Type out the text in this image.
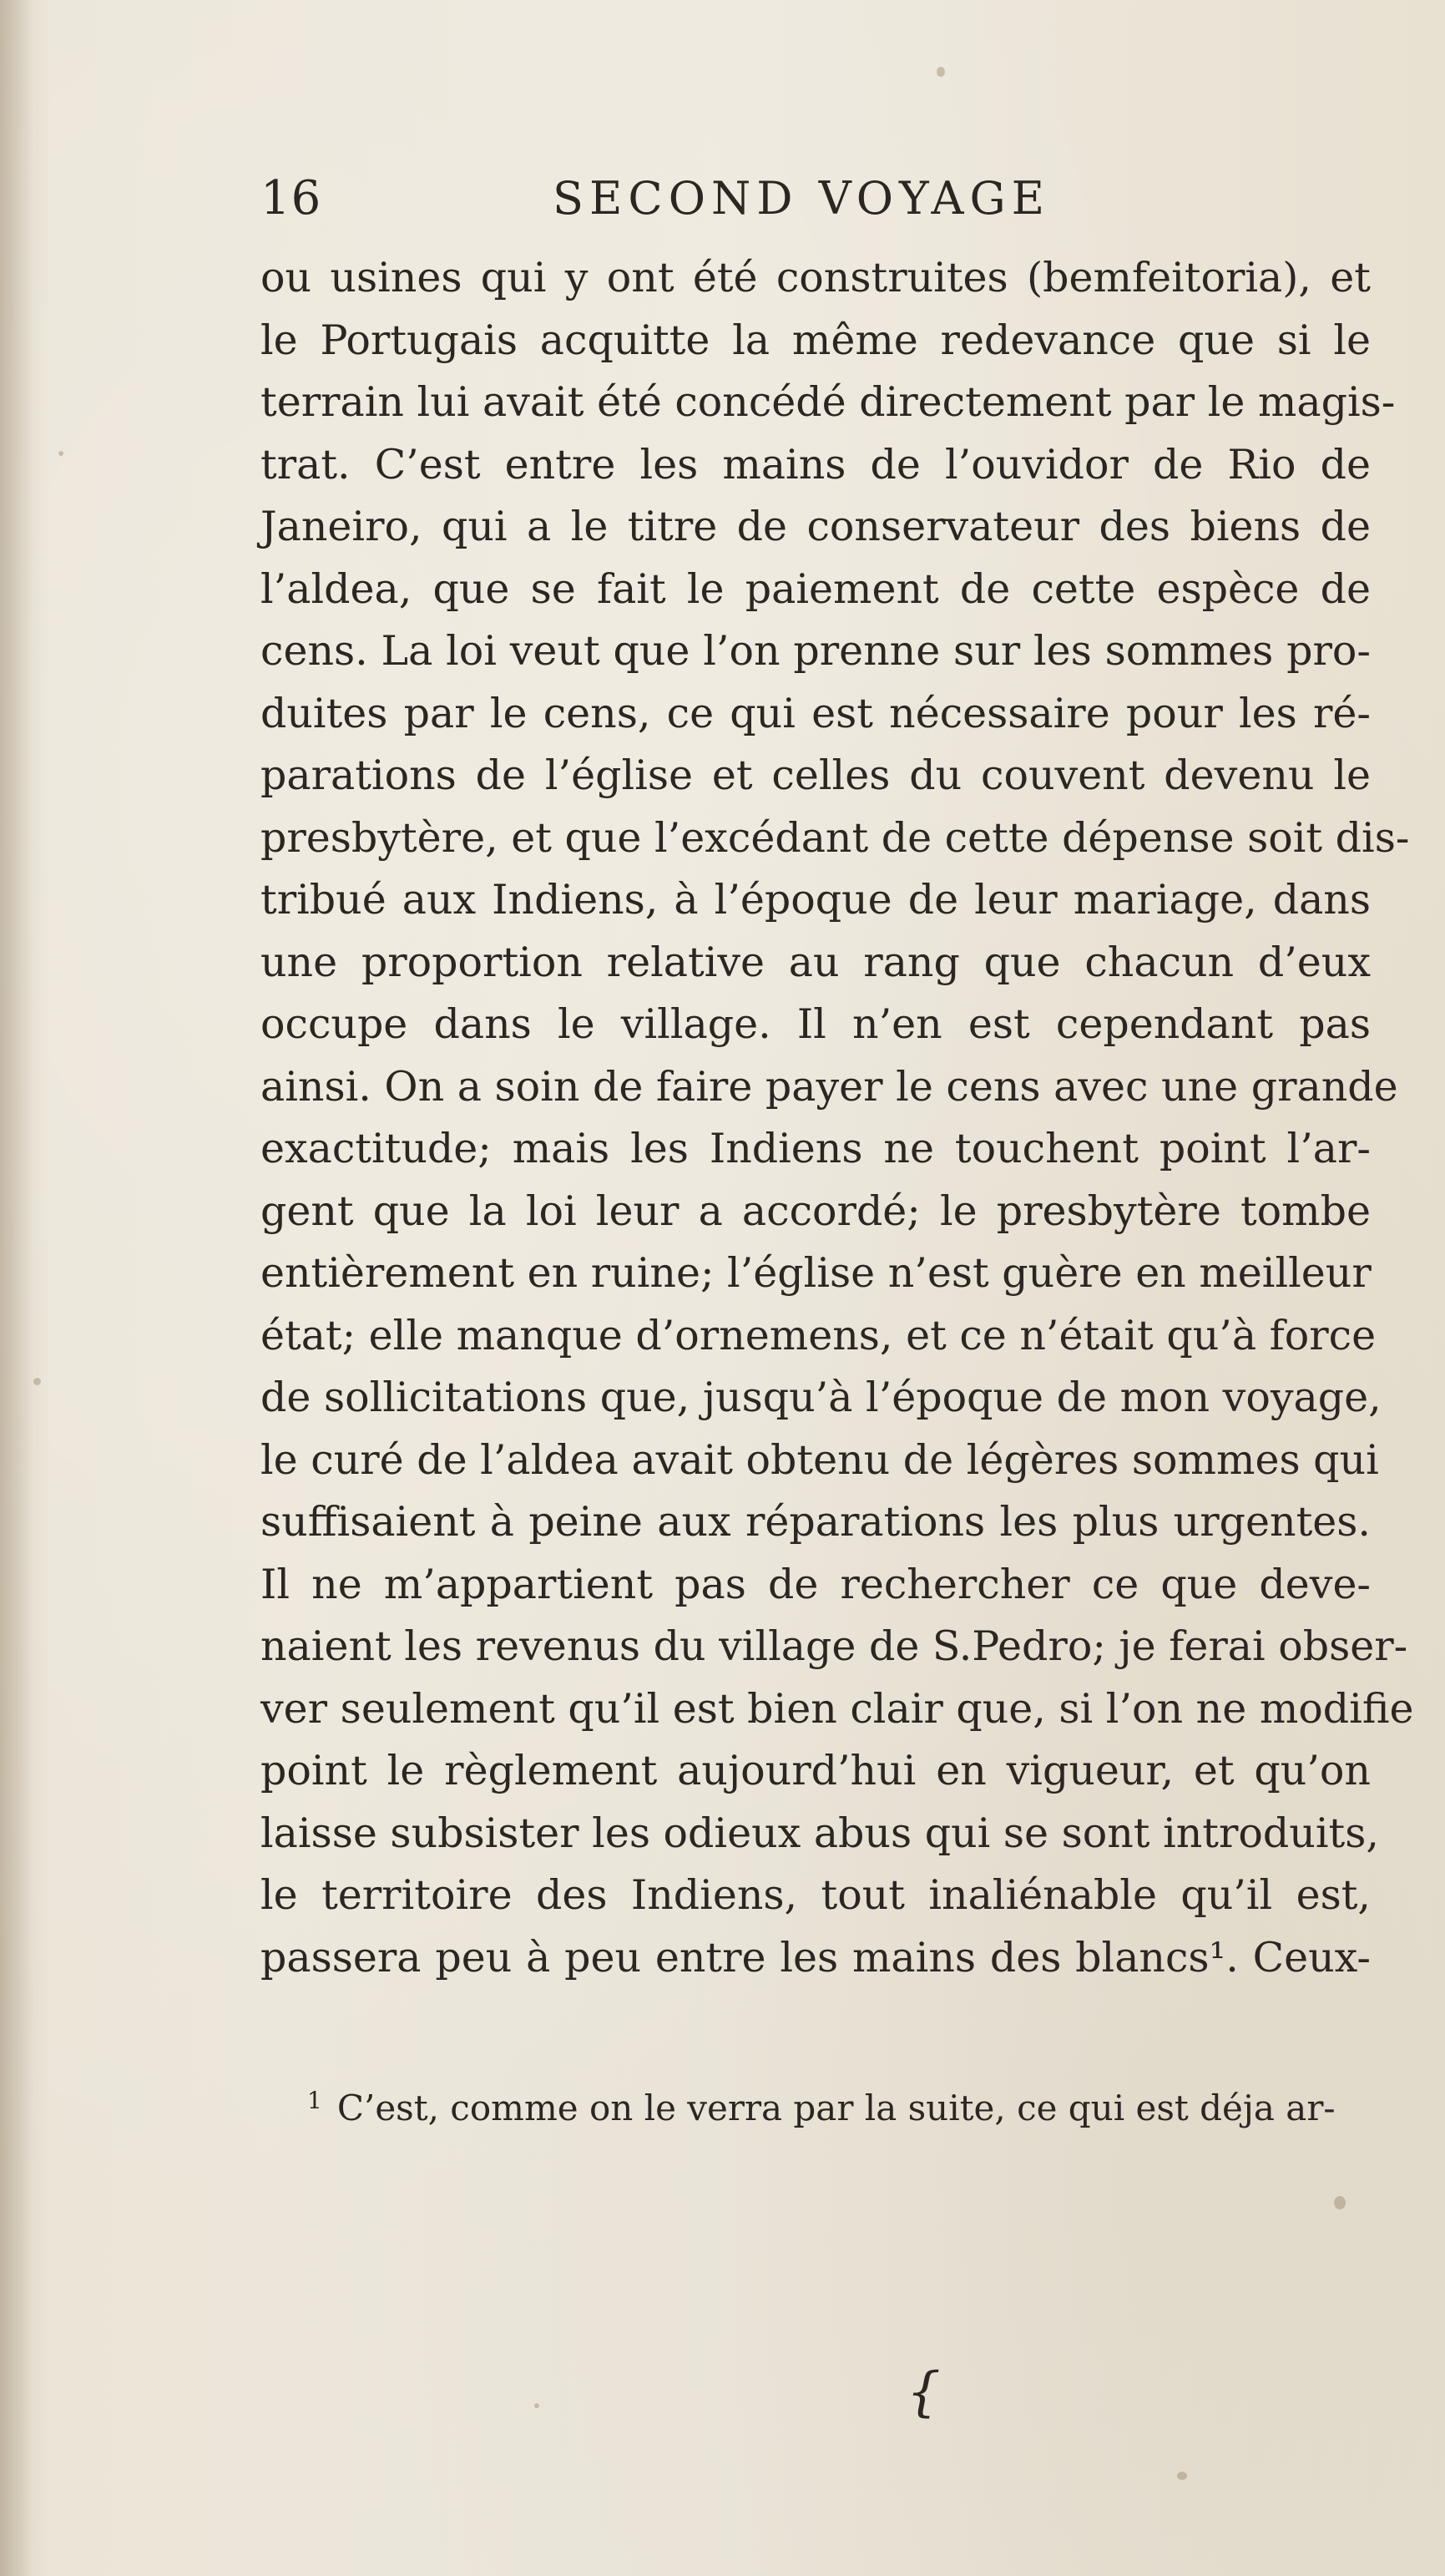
16	SECOND VOYAGE
ou usines qui y ont été construites (bemfeitoria), et
le Portugais acquitte la même redevance que si le
terrain lui avait été concédé directement par le magis-
trat. C’est entre les mains de l’ouvidor de Rio de
Janeiro, qui a le titre de conservateur des biens de
l’aldea, que se fait le paiement de cette espèce de
cens. La loi veut que l’on prenne sur les sommes pro-
duites par le cens, ce qui est nécessaire pour les ré-
parations de l’église et celles du couvent devenu le
presbytère, et que l’excédant de cette dépense soit dis-
tribué aux Indiens, à l’époque de leur mariage, dans
une proportion relative au rang que chacun d’eux
occupe dans le village. Il n’en est cependant pas
ainsi. On a soin de faire payer le cens avec une grande
exactitude; mais les Indiens ne touchent point l’ar-
gent que la loi leur a accordé; le presbytère tombe
entièrement en ruine; l’église n’est guère en meilleur
état; elle manque d’ornemens, et ce n’était qu’à force
de sollicitations que, jusqu’à l’époque de mon voyage,
le curé de l’aldea avait obtenu de légères sommes qui
suffisaient à peine aux réparations les plus urgentes.
Il ne m’appartient pas de rechercher ce que deve-
naient les revenus du village de S.Pedro; je ferai obser-
ver seulement qu’il est bien clair que, si l’on ne modifie
point le règlement aujourd’hui en vigueur, et qu’on
laisse subsister les odieux abus qui se sont introduits,
le territoire des Indiens, tout inaliénable qu’il est,
passera peu à peu entre les mains des blancs¹. Ceux-

$^1$ C’est, comme on le verra par la suite, ce qui est déja ar-

{
